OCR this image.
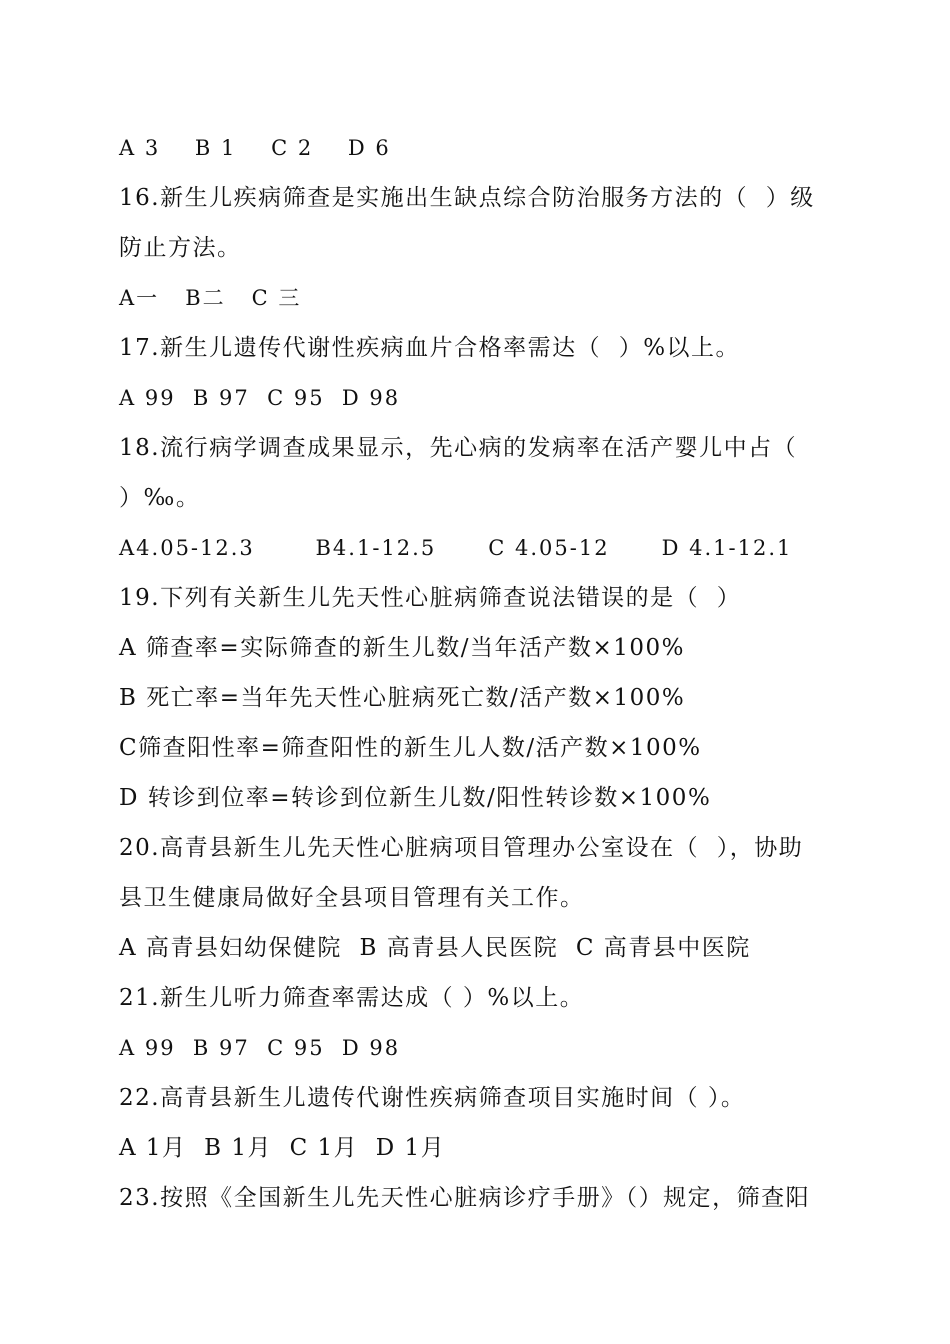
A 3    B 1    C 2    D 6
16.新生儿疾病筛查是实施出生缺点综合防治服务方法的（  ）级
防止方法。
A一   B二   C 三
17.新生儿遗传代谢性疾病血片合格率需达（  ）%以上。
A 99  B 97  C 95  D 98
18.流行病学调查成果显示，先心病的发病率在活产婴儿中占（
）‰。
A4.05-12.3       B4.1-12.5      C 4.05-12      D 4.1-12.1
19.下列有关新生儿先天性心脏病筛查说法错误的是（  ）
A 筛查率=实际筛查的新生儿数/当年活产数×100%
B 死亡率=当年先天性心脏病死亡数/活产数×100%
C筛查阳性率=筛查阳性的新生儿人数/活产数×100%
D 转诊到位率=转诊到位新生儿数/阳性转诊数×100%
20.高青县新生儿先天性心脏病项目管理办公室设在（  ），协助
县卫生健康局做好全县项目管理有关工作。
A 高青县妇幼保健院  B 高青县人民医院  C 高青县中医院
21.新生儿听力筛查率需达成（ ）%以上。
A 99  B 97  C 95  D 98
22.高青县新生儿遗传代谢性疾病筛查项目实施时间（ ）。
A 1月  B 1月  C 1月  D 1月
23.按照《全国新生儿先天性心脏病诊疗手册》（）规定，筛查阳
